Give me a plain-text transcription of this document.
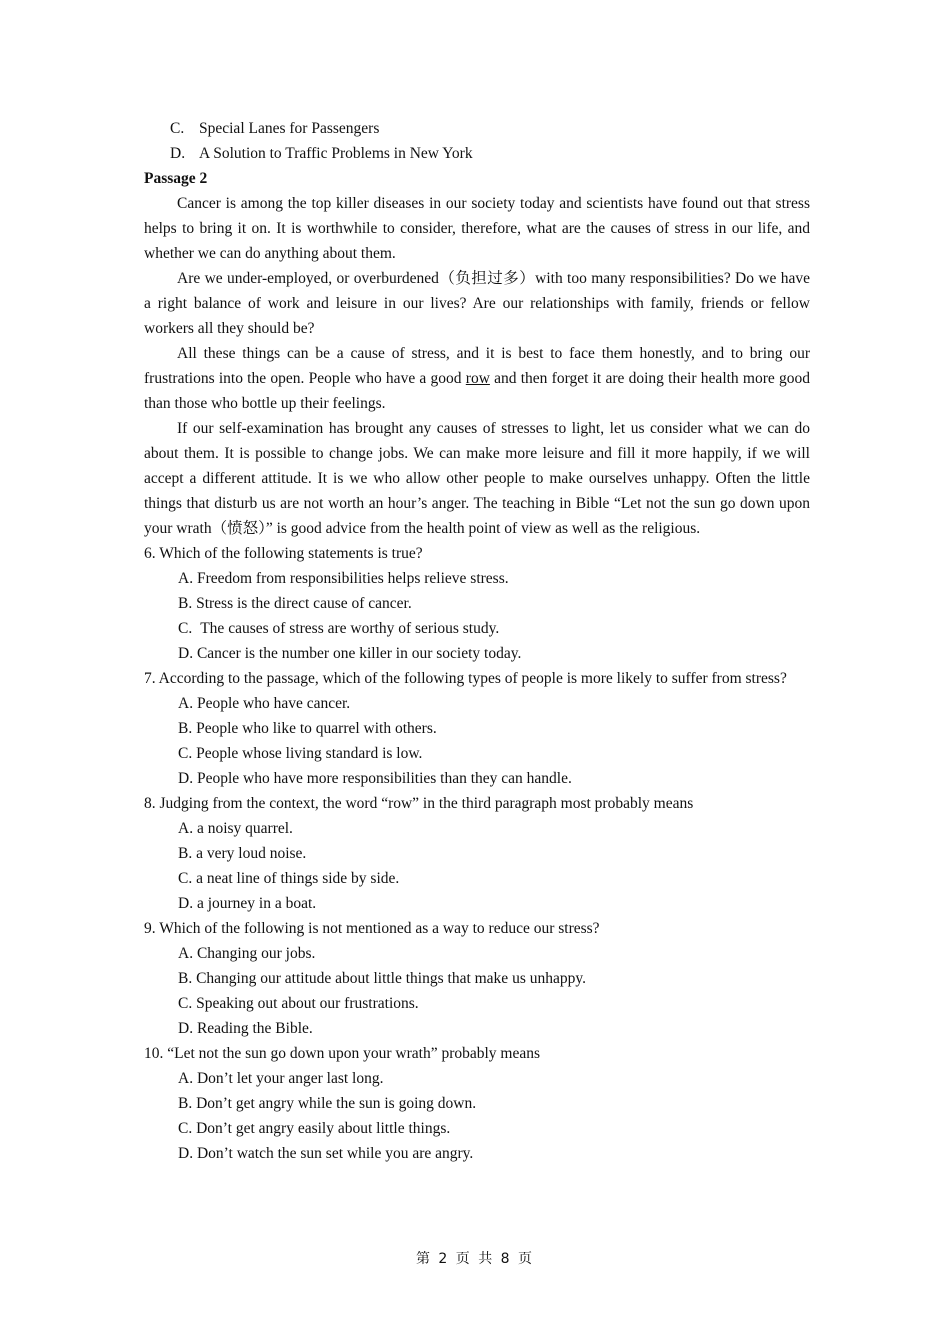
C. Special Lanes for Passengers
D. A Solution to Traffic Problems in New York
Passage 2
Cancer is among the top killer diseases in our society today and scientists have found out that stress helps to bring it on. It is worthwhile to consider, therefore, what are the causes of stress in our life, and whether we can do anything about them.
Are we under-employed, or overburdened（负担过多）with too many responsibilities? Do we have a right balance of work and leisure in our lives? Are our relationships with family, friends or fellow workers all they should be?
All these things can be a cause of stress, and it is best to face them honestly, and to bring our frustrations into the open. People who have a good row and then forget it are doing their health more good than those who bottle up their feelings.
If our self-examination has brought any causes of stresses to light, let us consider what we can do about them. It is possible to change jobs. We can make more leisure and fill it more happily, if we will accept a different attitude. It is we who allow other people to make ourselves unhappy. Often the little things that disturb us are not worth an hour’s anger. The teaching in Bible “Let not the sun go down upon your wrath（愤怒）” is good advice from the health point of view as well as the religious.
6. Which of the following statements is true?
A. Freedom from responsibilities helps relieve stress.
B. Stress is the direct cause of cancer.
C. The causes of stress are worthy of serious study.
D. Cancer is the number one killer in our society today.
7. According to the passage, which of the following types of people is more likely to suffer from stress?
A. People who have cancer.
B. People who like to quarrel with others.
C. People whose living standard is low.
D. People who have more responsibilities than they can handle.
8. Judging from the context, the word “row” in the third paragraph most probably means
A. a noisy quarrel.
B. a very loud noise.
C. a neat line of things side by side.
D. a journey in a boat.
9. Which of the following is not mentioned as a way to reduce our stress?
A. Changing our jobs.
B. Changing our attitude about little things that make us unhappy.
C. Speaking out about our frustrations.
D. Reading the Bible.
10. “Let not the sun go down upon your wrath” probably means
A. Don’t let your anger last long.
B. Don’t get angry while the sun is going down.
C. Don’t get angry easily about little things.
D. Don’t watch the sun set while you are angry.
第 2 页 共 8 页
